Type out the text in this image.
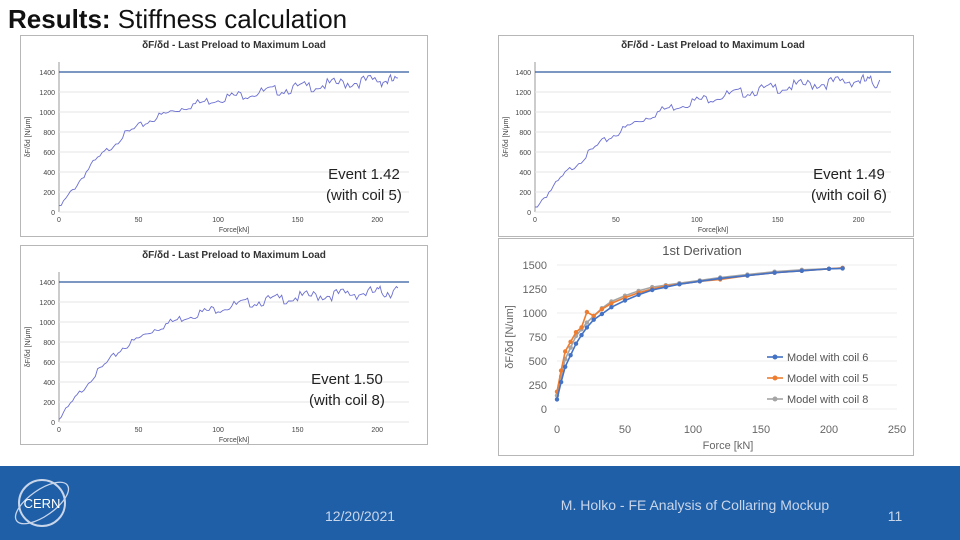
Results: Stiffness calculation
δF/δd - Last Preload to Maximum Load
0
200
400
600
800
1000
1200
1400
0	50	100	150	200
Force[kN]
δF/δd [N/μm]
Event 1.42
(with coil 5)
δF/δd - Last Preload to Maximum Load
0
200
400
600
800
1000
1200
1400
0	50	100	150	200
Force[kN]
δF/δd [N/μm]
Event 1.49
(with coil 6)
δF/δd - Last Preload to Maximum Load
0
200
400
600
800
1000
1200
1400
0	50	100	150	200
Force[kN]
δF/δd [N/μm]
Event 1.50
(with coil 8)
1st Derivation
0
250
500
750
1000
1250
1500
0	50	100	150	200	250
Force [kN]
δF/δd [N/um]	Model with coil 6
Model with coil 5
Model with coil 8
CERN
12/20/2021
M. Holko - FE Analysis of Collaring Mockup
11
